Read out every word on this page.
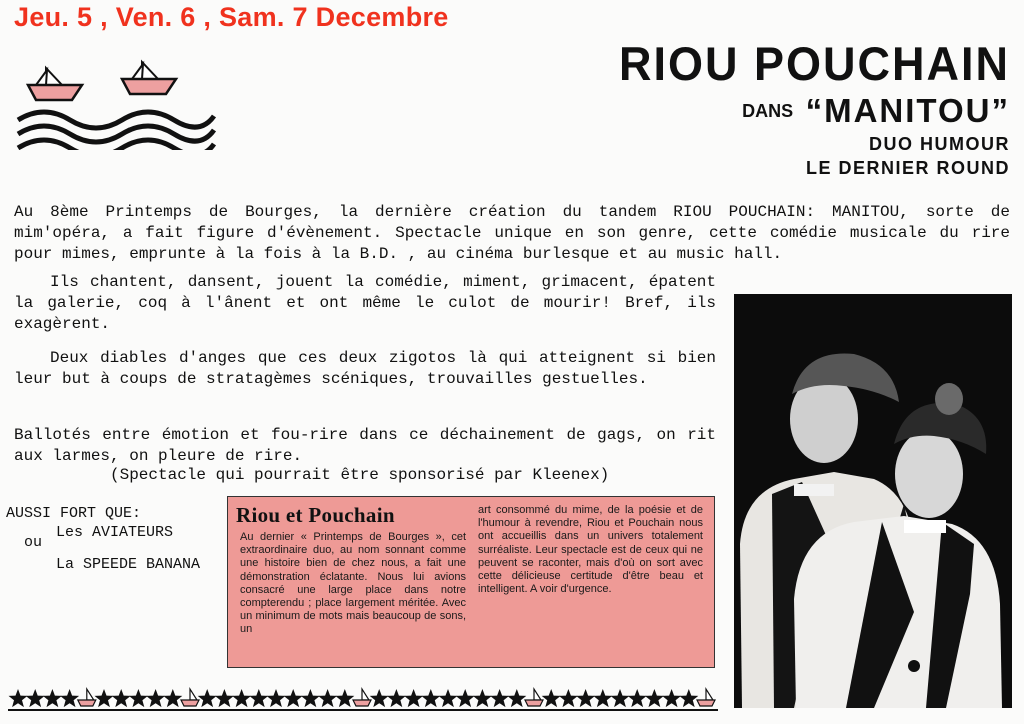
Jeu. 5 , Ven. 6 , Sam. 7 Decembre
RIOU POUCHAIN
DANS “MANITOU”
DUO HUMOUR
LE DERNIER ROUND
Au 8ème Printemps de Bourges, la dernière création du tandem RIOU POUCHAIN: MANITOU, sorte de mim'opéra, a fait figure d'évènement. Spectacle unique en son genre, cette comédie musicale du rire pour mimes, emprunte à la fois à la B.D. , au cinéma burlesque et au music hall.
Ils chantent, dansent, jouent la comédie, miment, grimacent, épatent la galerie, coq à l'ânent et ont même le culot de mourir! Bref, ils exagèrent.
Deux diables d'anges que ces deux zigotos là qui atteignent si bien leur but à coups de stratagèmes scéniques, trouvailles gestuelles.
Ballotés entre émotion et fou-rire dans ce déchainement de gags, on rit aux larmes, on pleure de rire.
(Spectacle qui pourrait être sponsorisé par Kleenex)
AUSSI FORT QUE:
ou
Les AVIATEURS
La SPEEDE BANANA
Riou et Pouchain
Au dernier « Printemps de Bourges », cet extraordinaire duo, au nom sonnant comme une histoire bien de chez nous, a fait une démonstration éclatante. Nous lui avions consacré une large place dans notre compterendu ; place largement méritée. Avec un minimum de mots mais beaucoup de sons, un
art consommé du mime, de la poésie et de l'humour à revendre, Riou et Pouchain nous ont accueillis dans un univers totalement surréaliste. Leur spectacle est de ceux qui ne peuvent se raconter, mais d'où on sort avec cette délicieuse certitude d'être beau et intelligent. A voir d'urgence.
